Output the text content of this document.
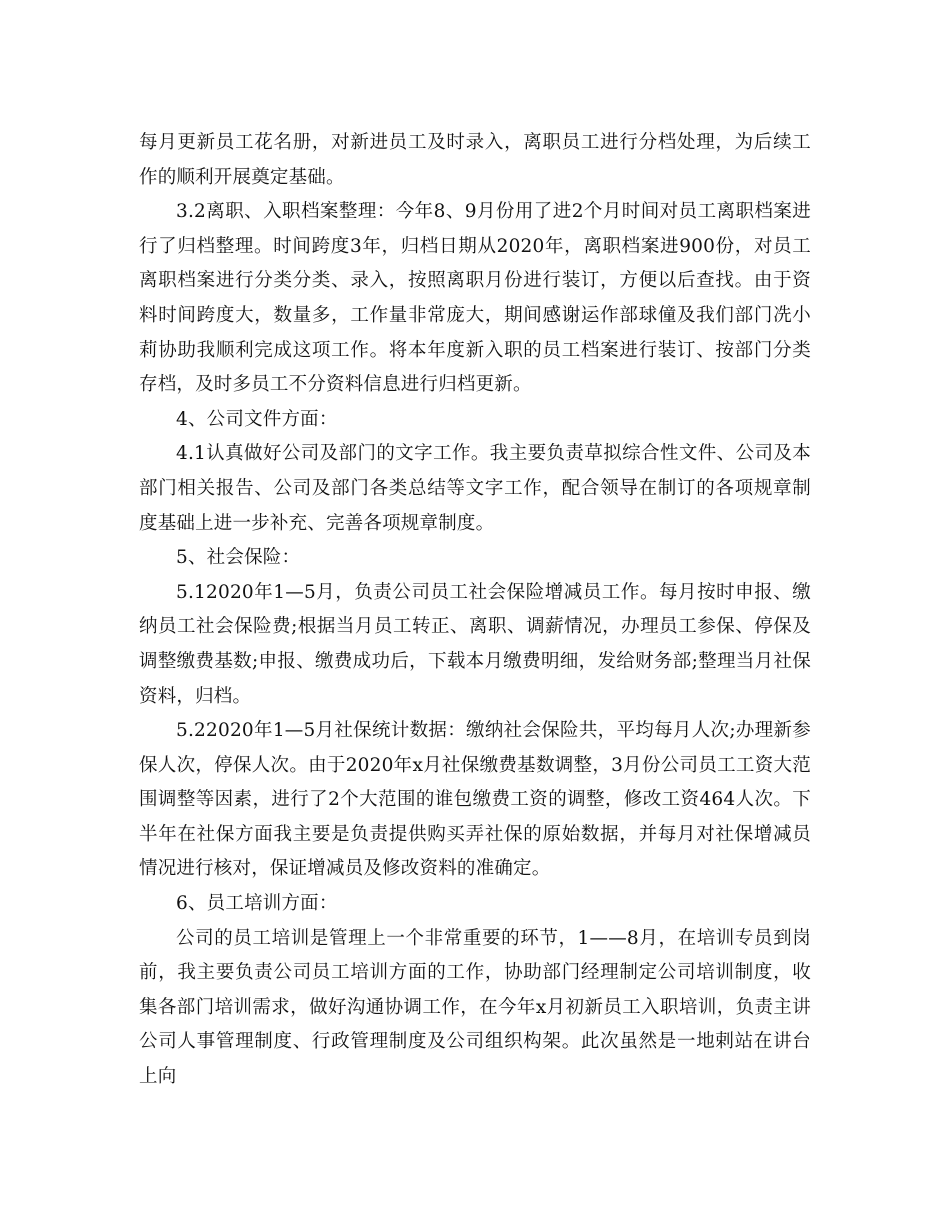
每月更新员工花名册，对新进员工及时录入，离职员工进行分档处理，为后续工作的顺利开展奠定基础。

3.2离职、入职档案整理：今年8、9月份用了进2个月时间对员工离职档案进行了归档整理。时间跨度3年，归档日期从2020年，离职档案进900份，对员工离职档案进行分类分类、录入，按照离职月份进行装订，方便以后查找。由于资料时间跨度大，数量多，工作量非常庞大，期间感谢运作部球僮及我们部门冼小莉协助我顺利完成这项工作。将本年度新入职的员工档案进行装订、按部门分类存档，及时多员工不分资料信息进行归档更新。

4、公司文件方面：

4.1认真做好公司及部门的文字工作。我主要负责草拟综合性文件、公司及本部门相关报告、公司及部门各类总结等文字工作，配合领导在制订的各项规章制度基础上进一步补充、完善各项规章制度。

5、社会保险：

5.12020年1—5月，负责公司员工社会保险增减员工作。每月按时申报、缴纳员工社会保险费;根据当月员工转正、离职、调薪情况，办理员工参保、停保及调整缴费基数;申报、缴费成功后，下载本月缴费明细，发给财务部;整理当月社保资料，归档。

5.22020年1—5月社保统计数据：缴纳社会保险共，平均每月人次;办理新参保人次，停保人次。由于2020年x月社保缴费基数调整，3月份公司员工工资大范围调整等因素，进行了2个大范围的谁包缴费工资的调整，修改工资464人次。下半年在社保方面我主要是负责提供购买弄社保的原始数据，并每月对社保增减员情况进行核对，保证增减员及修改资料的准确定。

6、员工培训方面：

公司的员工培训是管理上一个非常重要的环节，1——8月，在培训专员到岗前，我主要负责公司员工培训方面的工作，协助部门经理制定公司培训制度，收集各部门培训需求，做好沟通协调工作，在今年x月初新员工入职培训，负责主讲公司人事管理制度、行政管理制度及公司组织构架。此次虽然是一地剌站在讲台上向
